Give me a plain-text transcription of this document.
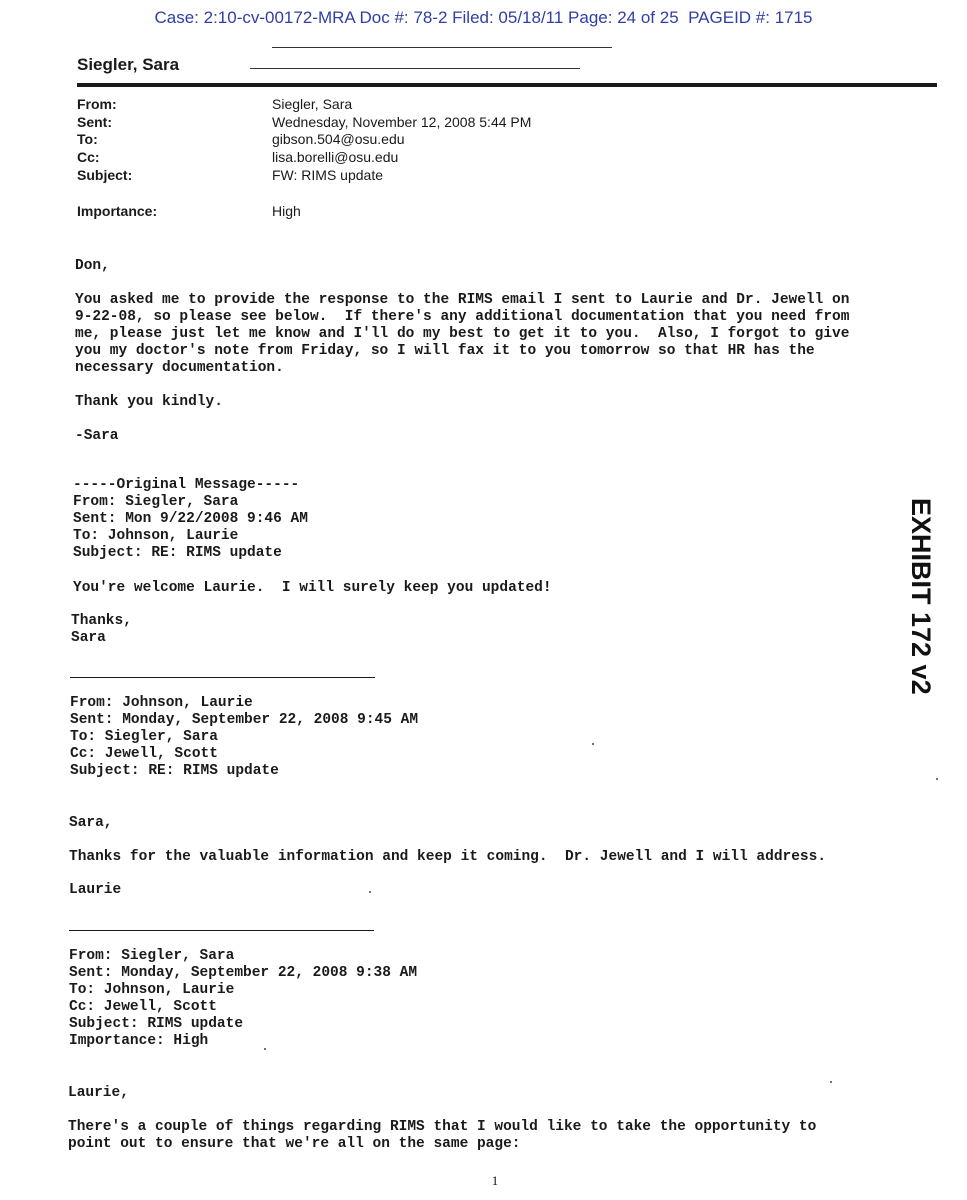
Case: 2:10-cv-00172-MRA Doc #: 78-2 Filed: 05/18/11 Page: 24 of 25  PAGEID #: 1715
Siegler, Sara
From:	Siegler, Sara
Sent:	Wednesday, November 12, 2008 5:44 PM
To:	gibson.504@osu.edu
Cc:	lisa.borelli@osu.edu
Subject:	FW: RIMS update
Importance:	High
Don,
You asked me to provide the response to the RIMS email I sent to Laurie and Dr. Jewell on
9-22-08, so please see below.  If there's any additional documentation that you need from
me, please just let me know and I'll do my best to get it to you.  Also, I forgot to give
you my doctor's note from Friday, so I will fax it to you tomorrow so that HR has the
necessary documentation.
Thank you kindly.
-Sara
-----Original Message-----
From: Siegler, Sara
Sent: Mon 9/22/2008 9:46 AM
To: Johnson, Laurie
Subject: RE: RIMS update
You're welcome Laurie.  I will surely keep you updated!
Thanks,
Sara
From: Johnson, Laurie
Sent: Monday, September 22, 2008 9:45 AM
To: Siegler, Sara
Cc: Jewell, Scott
Subject: RE: RIMS update
Sara,
Thanks for the valuable information and keep it coming.  Dr. Jewell and I will address.
Laurie
From: Siegler, Sara
Sent: Monday, September 22, 2008 9:38 AM
To: Johnson, Laurie
Cc: Jewell, Scott
Subject: RIMS update
Importance: High
Laurie,
There's a couple of things regarding RIMS that I would like to take the opportunity to
point out to ensure that we're all on the same page:
EXHIBIT 172 v2
1
